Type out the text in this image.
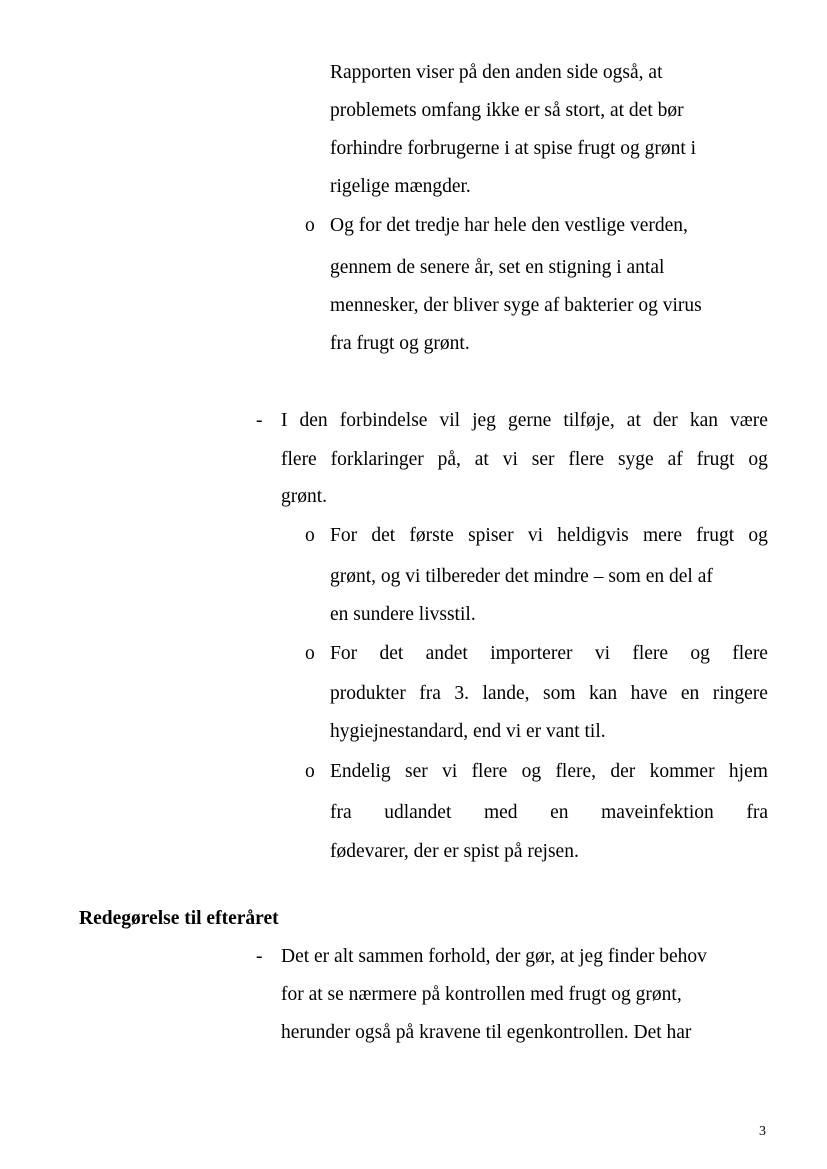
Rapporten viser på den anden side også, at
problemets omfang ikke er så stort, at det bør
forhindre forbrugerne i at spise frugt og grønt i
rigelige mængder.
o Og for det tredje har hele den vestlige verden,
gennem de senere år, set en stigning i antal
mennesker, der bliver syge af bakterier og virus
fra frugt og grønt.
- I den forbindelse vil jeg gerne tilføje, at der kan være
flere forklaringer på, at vi ser flere syge af frugt og
grønt.
o For det første spiser vi heldigvis mere frugt og
grønt, og vi tilbereder det mindre – som en del af
en sundere livsstil.
o For det andet importerer vi flere og flere
produkter fra 3. lande, som kan have en ringere
hygiejnestandard, end vi er vant til.
o Endelig ser vi flere og flere, der kommer hjem
fra udlandet med en maveinfektion fra
fødevarer, der er spist på rejsen.
Redegørelse til efteråret
- Det er alt sammen forhold, der gør, at jeg finder behov
for at se nærmere på kontrollen med frugt og grønt,
herunder også på kravene til egenkontrollen. Det har
3
